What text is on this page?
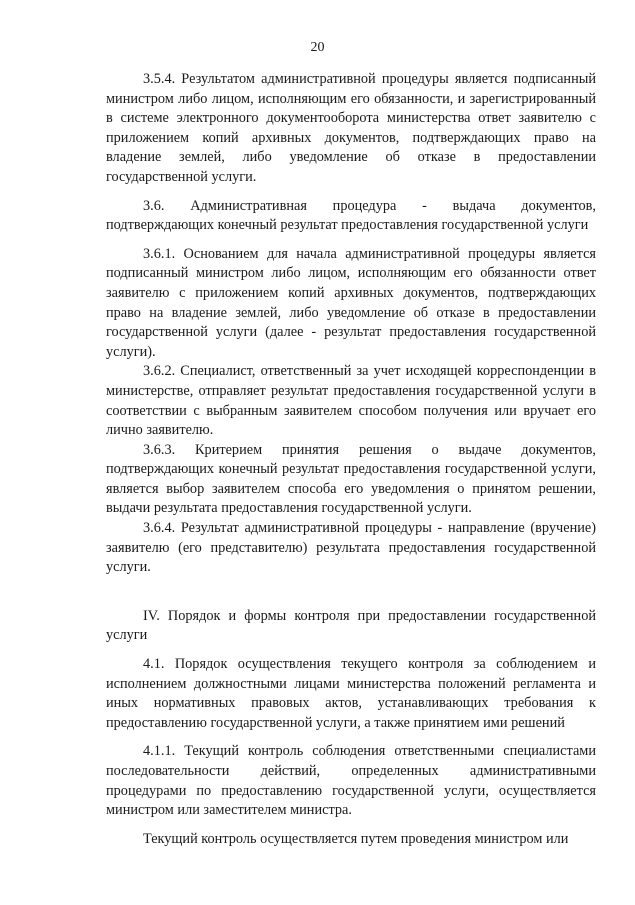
20

3.5.4. Результатом административной процедуры является подписанный министром либо лицом, исполняющим его обязанности, и зарегистрированный в системе электронного документооборота министерства ответ заявителю с приложением копий архивных документов, подтверждающих право на владение землей, либо уведомление об отказе в предоставлении государственной услуги.

3.6. Административная процедура - выдача документов, подтверждающих конечный результат предоставления государственной услуги

3.6.1. Основанием для начала административной процедуры является подписанный министром либо лицом, исполняющим его обязанности ответ заявителю с приложением копий архивных документов, подтверждающих право на владение землей, либо уведомление об отказе в предоставлении государственной услуги (далее - результат предоставления государственной услуги).

3.6.2. Специалист, ответственный за учет исходящей корреспонденции в министерстве, отправляет результат предоставления государственной услуги в соответствии с выбранным заявителем способом получения или вручает его лично заявителю.

3.6.3. Критерием принятия решения о выдаче документов, подтверждающих конечный результат предоставления государственной услуги, является выбор заявителем способа его уведомления о принятом решении, выдачи результата предоставления государственной услуги.

3.6.4. Результат административной процедуры - направление (вручение) заявителю (его представителю) результата предоставления государственной услуги.

IV. Порядок и формы контроля при предоставлении государственной услуги

4.1. Порядок осуществления текущего контроля за соблюдением и исполнением должностными лицами министерства положений регламента и иных нормативных правовых актов, устанавливающих требования к предоставлению государственной услуги, а также принятием ими решений

4.1.1. Текущий контроль соблюдения ответственными специалистами последовательности действий, определенных административными процедурами по предоставлению государственной услуги, осуществляется министром или заместителем министра.

Текущий контроль осуществляется путем проведения министром или
